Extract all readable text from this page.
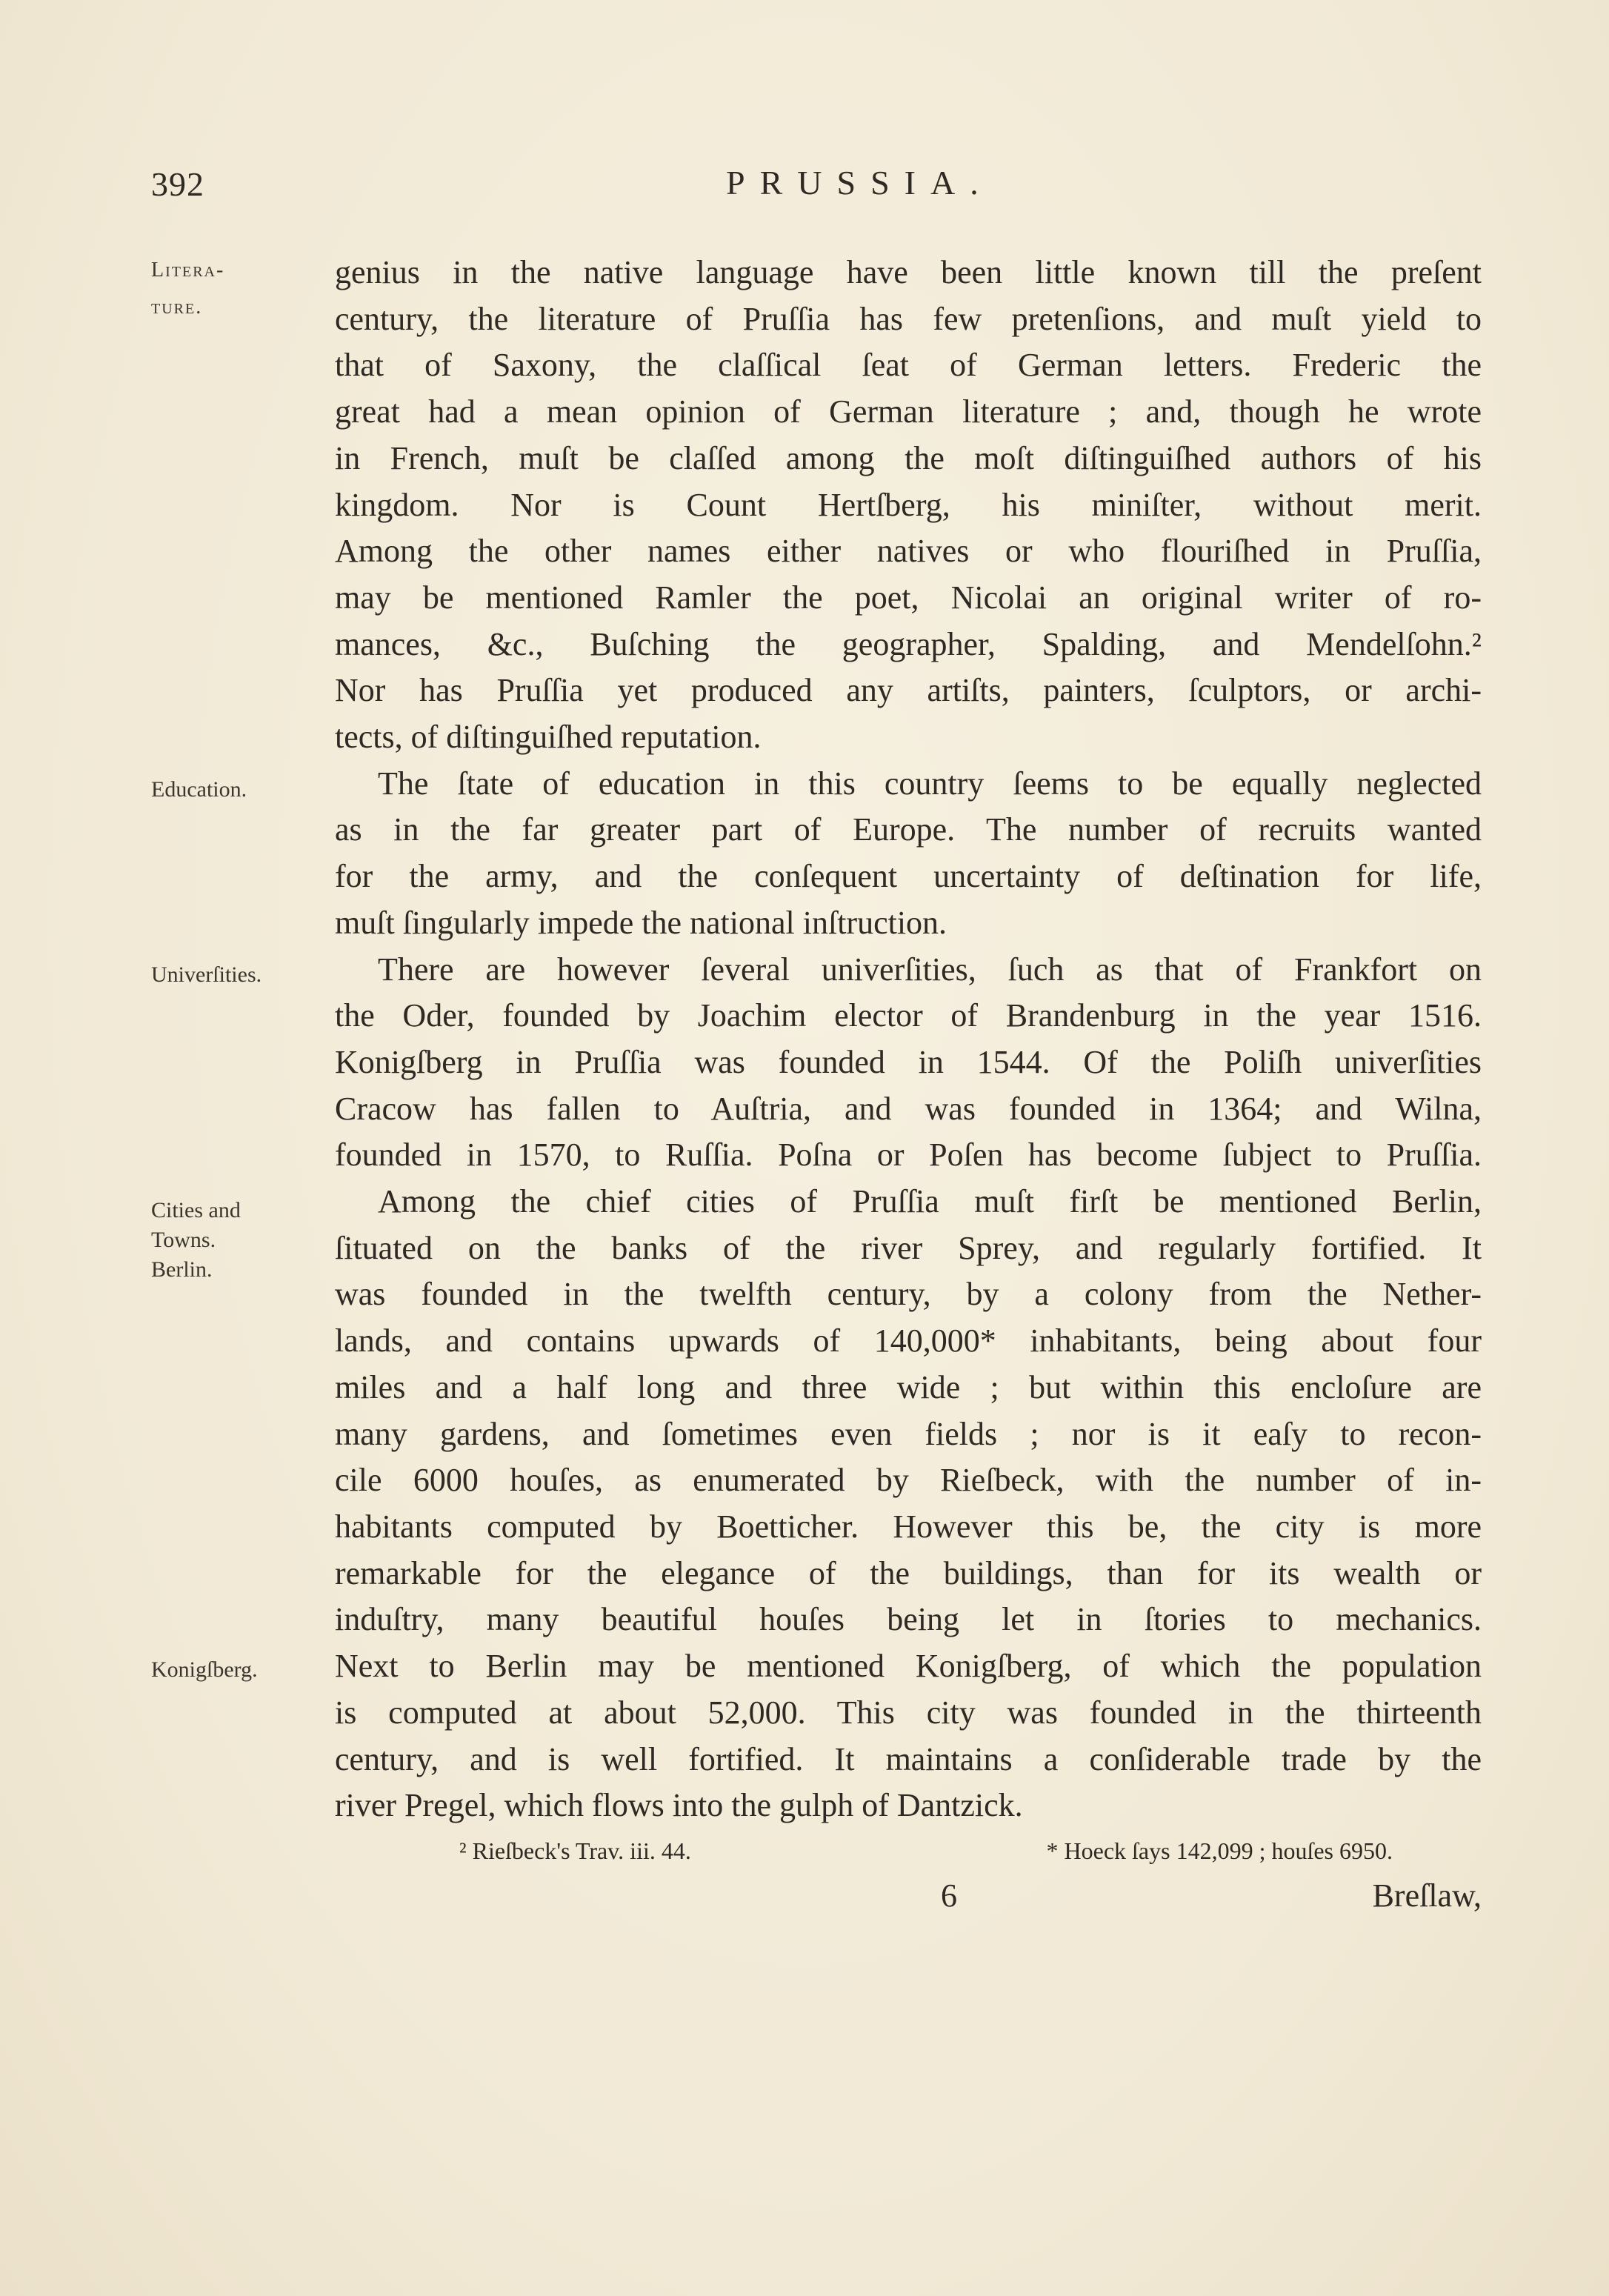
392	PRUSSIA.
Litera-
ture.
Education.
Univerſities.
Cities and
Towns.
Berlin.
Konigſberg.
genius in the native language have been little known till the preſent
century, the literature of Pruſſia has few pretenſions, and muſt yield to
that of Saxony, the claſſical ſeat of German letters. Frederic the
great had a mean opinion of German literature ; and, though he wrote
in French, muſt be claſſed among the moſt diſtinguiſhed authors of his
kingdom. Nor is Count Hertſberg, his miniſter, without merit.
Among the other names either natives or who flouriſhed in Pruſſia,
may be mentioned Ramler the poet, Nicolai an original writer of ro-
mances, &c., Buſching the geographer, Spalding, and Mendelſohn.²
Nor has Pruſſia yet produced any artiſts, painters, ſculptors, or archi-
tects, of diſtinguiſhed reputation.
The ſtate of education in this country ſeems to be equally neglected
as in the far greater part of Europe. The number of recruits wanted
for the army, and the conſequent uncertainty of deſtination for life,
muſt ſingularly impede the national inſtruction.
There are however ſeveral univerſities, ſuch as that of Frankfort on
the Oder, founded by Joachim elector of Brandenburg in the year 1516.
Konigſberg in Pruſſia was founded in 1544. Of the Poliſh univerſities
Cracow has fallen to Auſtria, and was founded in 1364; and Wilna,
founded in 1570, to Ruſſia. Poſna or Poſen has become ſubject to Pruſſia.
Among the chief cities of Pruſſia muſt firſt be mentioned Berlin,
ſituated on the banks of the river Sprey, and regularly fortified. It
was founded in the twelfth century, by a colony from the Nether-
lands, and contains upwards of 140,000* inhabitants, being about four
miles and a half long and three wide ; but within this encloſure are
many gardens, and ſometimes even fields ; nor is it eaſy to recon-
cile 6000 houſes, as enumerated by Rieſbeck, with the number of in-
habitants computed by Boetticher. However this be, the city is more
remarkable for the elegance of the buildings, than for its wealth or
induſtry, many beautiful houſes being let in ſtories to mechanics.
Next to Berlin may be mentioned Konigſberg, of which the population
is computed at about 52,000. This city was founded in the thirteenth
century, and is well fortified. It maintains a conſiderable trade by the
river Pregel, which flows into the gulph of Dantzick.
² Rieſbeck's Trav. iii. 44.	* Hoeck ſays 142,099 ; houſes 6950.
6	Breſlaw,
